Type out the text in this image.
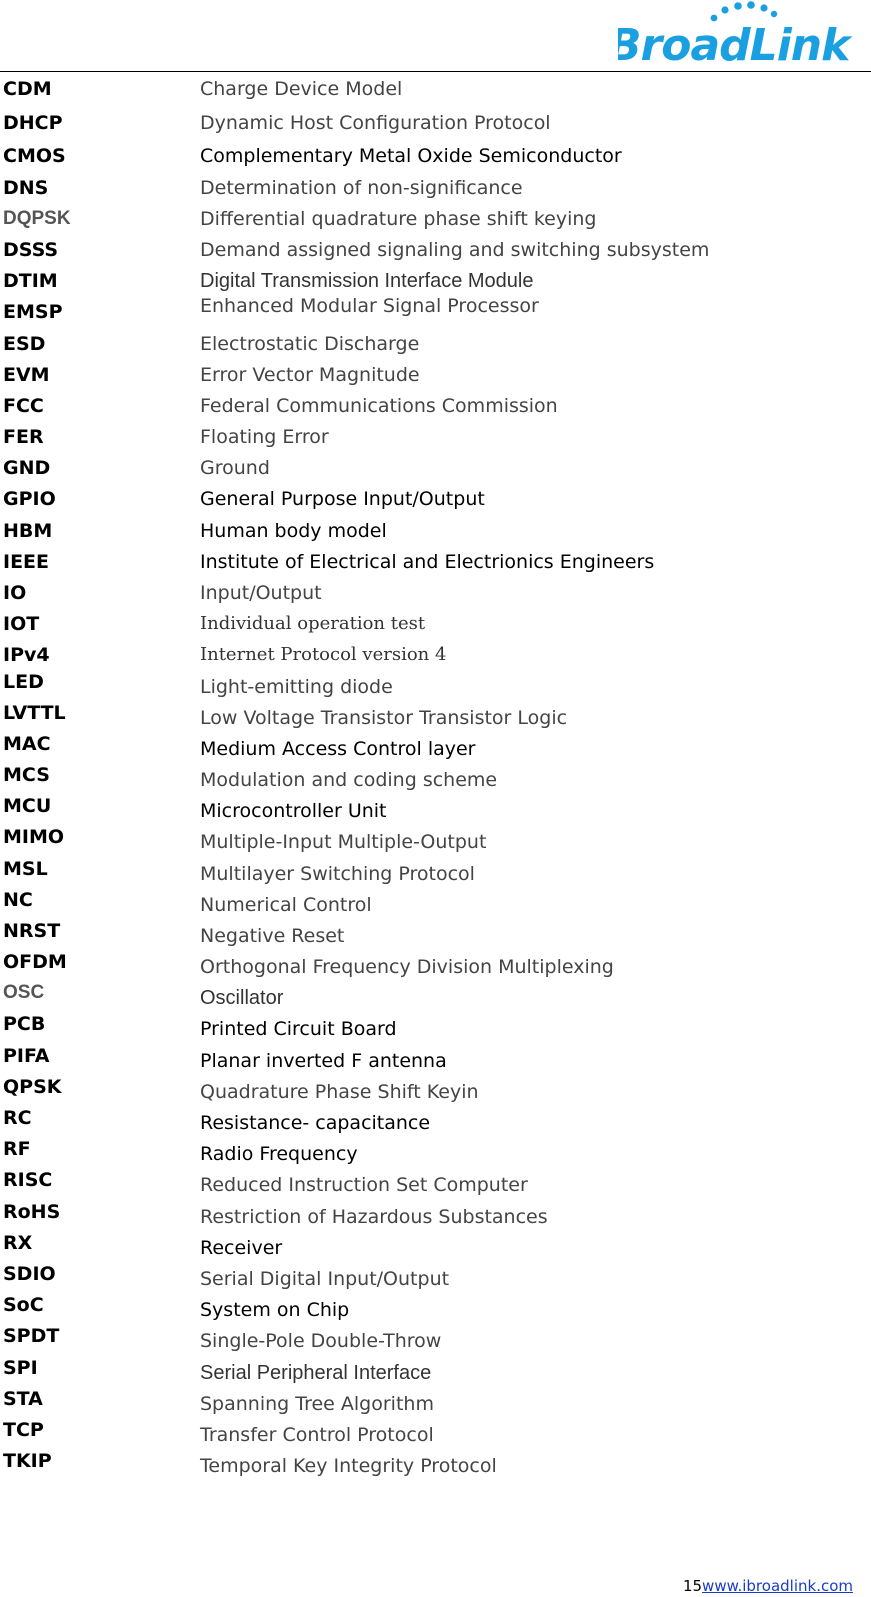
BroadLink
CDM	Charge Device Model
DHCP	Dynamic Host Configuration Protocol
CMOS	Complementary Metal Oxide Semiconductor
DNS	Determination of non-significance
DQPSK	Differential quadrature phase shift keying
DSSS	Demand assigned signaling and switching subsystem
DTIM	Digital Transmission Interface Module
EMSP	Enhanced Modular Signal Processor
ESD	Electrostatic Discharge
EVM	Error Vector Magnitude
FCC	Federal Communications Commission
FER	Floating Error
GND	Ground
GPIO	General Purpose Input/Output
HBM	Human body model
IEEE	Institute of Electrical and Electrionics Engineers
IO	Input/Output
IOT	Individual operation test
IPv4	Internet Protocol version 4
LED	Light-emitting diode
LVTTL	Low Voltage Transistor Transistor Logic
MAC	Medium Access Control layer
MCS	Modulation and coding scheme
MCU	Microcontroller Unit
MIMO	Multiple-Input Multiple-Output
MSL	Multilayer Switching Protocol
NC	Numerical Control
NRST	Negative Reset
OFDM	Orthogonal Frequency Division Multiplexing
OSC	Oscillator
PCB	Printed Circuit Board
PIFA	Planar inverted F antenna
QPSK	Quadrature Phase Shift Keyin
RC	Resistance- capacitance
RF	Radio Frequency
RISC	Reduced Instruction Set Computer
RoHS	Restriction of Hazardous Substances
RX	Receiver
SDIO	Serial Digital Input/Output
SoC	System on Chip
SPDT	Single-Pole Double-Throw
SPI	Serial Peripheral Interface
STA	Spanning Tree Algorithm
TCP	Transfer Control Protocol
TKIP	Temporal Key Integrity Protocol
15www.ibroadlink.com
